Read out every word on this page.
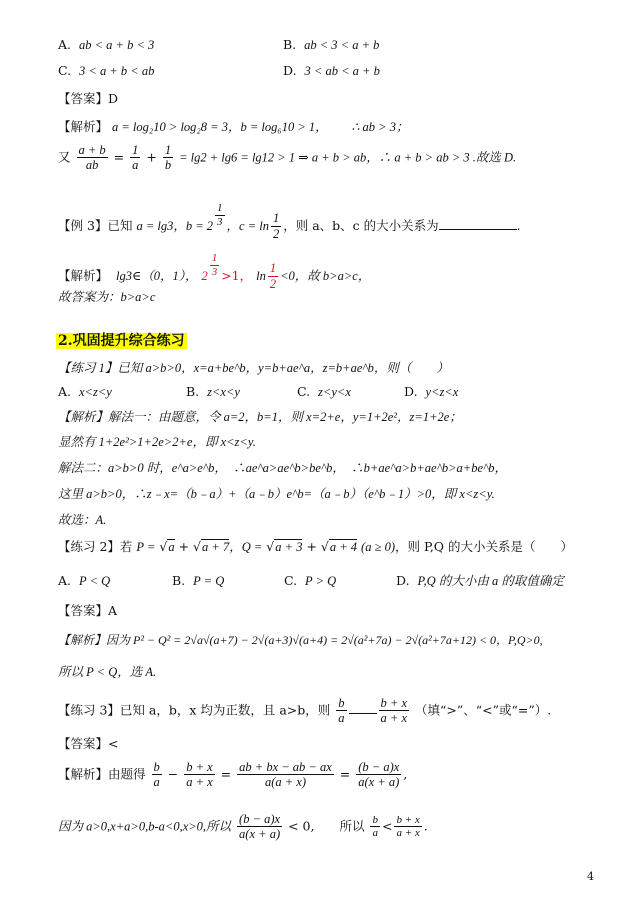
A. ab < a + b < 3	B. ab < 3 < a + b
C. 3 < a + b < ab	D. 3 < ab < a + b
【答案】D
【解析】 a = log₂10 > log₂8 = 3，b = log₆10 > 1， ∴ ab > 3；
又 $\frac{a + b}{ab} = \frac{1}{a} + \frac{1}{b} = \lg 2 + \lg 6 = \lg 12 > 1$ ⇒ a + b > ab，∴ a + b > ab > 3 .故选 D.
【例 3】已知 a = lg3，$b = 2 \frac{1}{3}$ ，$c = \ln \frac{1}{2}$ ，则 a、b、c 的大小关系为	.
【解析】 lg3∈（0，1）， $2 \frac{1}{3} >1$， $\ln \frac{1}{2} <0$，故 b>a>c，
故答案为：b>a>c
2.巩固提升综合练习
【练习 1】已知 a>b>0，x=a+be^b，y=b+ae^a，z=b+ae^b，则（　　）
A. x<z<y	B. z<x<y	C. z<y<x	D. y<z<x
【解析】解法一：由题意，令 a=2，b=1，则 x=2+e，y=1+2e²，z=1+2e；
显然有 1+2e²>1+2e>2+e，即 x<z<y.
解法二：a>b>0 时，e^a>e^b，　∴ae^a>ae^b>be^b，　∴b+ae^a>b+ae^b>a+be^b，
这里 a>b>0，∴z﹣x=（b﹣a）+（a﹣b）e^b=（a﹣b）（e^b﹣1）>0，即 x<z<y.
故选：A.
【练习 2】若 P = √a + √a + 7，Q = √a + 3 + √a + 4 (a ≥ 0)，则 P,Q 的大小关系是（　　）
A. P < Q	B. P = Q	C. P > Q	D. P,Q 的大小由 a 的取值确定
【答案】A
【解析】因为 P² − Q² = 2√a√(a+7) − 2√(a+3)√(a+4) = 2√(a²+7a) − 2√(a²+7a+12) < 0，P,Q>0,
所以 P < Q，选 A.
【练习 3】已知 a，b，x 均为正数，且 a>b，则 $\frac{b}{a}$	$\frac{b + x}{a + x}$ （填“>”、“<”或“=”）.
【答案】<
【解析】由题得 $\frac{b}{a} - \frac{b + x}{a + x} = \frac{ab + bx - ab - ax}{a(a + x)} = \frac{(b - a)x}{a(x + a)}$ ,
因为 a>0,x+a>0,b-a<0,x>0,所以 $\frac{(b - a)x}{a(x + a)} < 0$,　　所以 $\frac{b}{a} < \frac{b + x}{a + x}$ .
4
